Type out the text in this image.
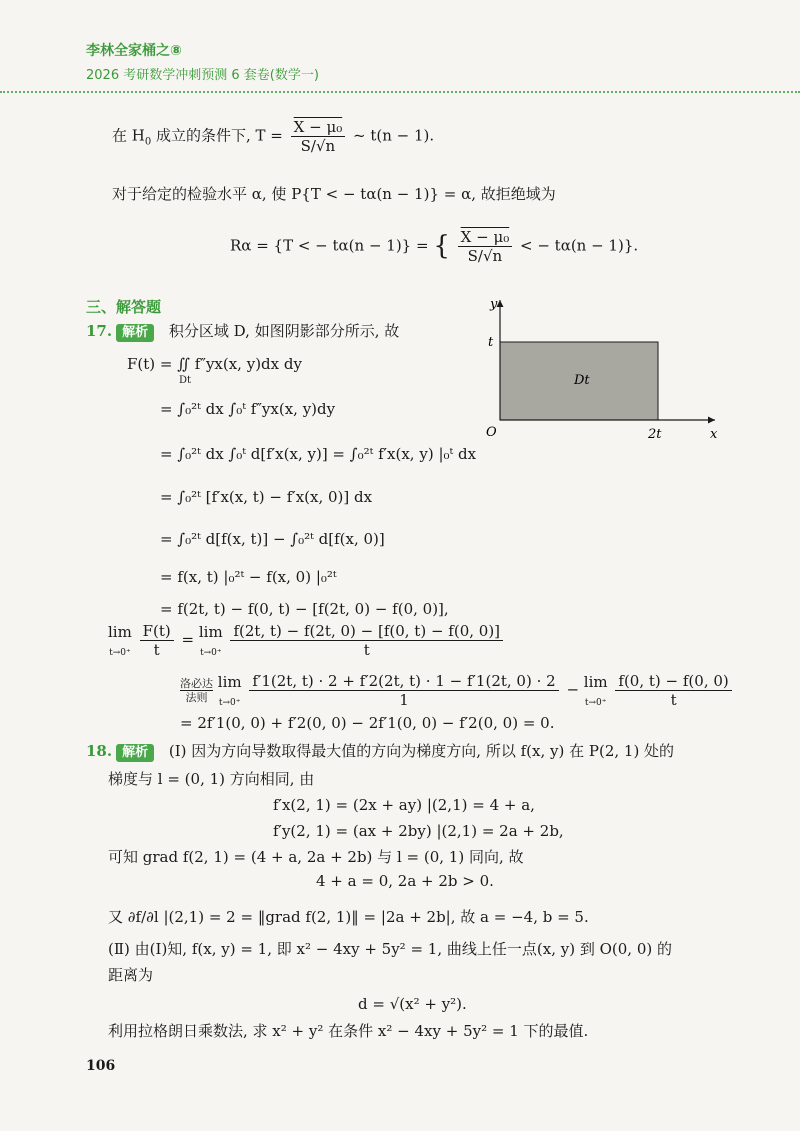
李林全家桶之⑧
2026 考研数学冲刺预测 6 套卷(数学一)
在 $H_0$ 成立的条件下, $T = \frac{\text{X − μ₀}}{S/√n}$ ~ t(n − 1).
对于给定的检验水平 α, 使 P{T < − tα(n − 1)} = α, 故拒绝域为
Rα = {T < − tα(n − 1)} = { $\frac{\text{X − μ₀}}{S/√n}$ < − tα(n − 1)}.
三、解答题
17. 解析 积分区域 D, 如图阴影部分所示, 故
F(t) = ∬ f″yx(x, y)dx dy
Dt
= ∫₀²ᵗ dx ∫₀ᵗ f″yx(x, y)dy
= ∫₀²ᵗ dx ∫₀ᵗ d[f′x(x, y)] = ∫₀²ᵗ f′x(x, y) |₀ᵗ dx
= ∫₀²ᵗ [f′x(x, t) − f′x(x, 0)] dx
= ∫₀²ᵗ d[f(x, t)] − ∫₀²ᵗ d[f(x, 0)]
= f(x, t) |₀²ᵗ − f(x, 0) |₀²ᵗ
= f(2t, t) − f(0, t) − [f(2t, 0) − f(0, 0)],
lim
$t\to 0^+ \frac{F(t)}{t} = \lim$
$t\to 0^+ \frac{f(2t, t) - f(2t, 0) - [f(0, t) - f(0, 0)]}{t}$
洛必达
法则 lim
$t\to 0^+ \frac{f'1(2t, t) \cdot 2 + f'2(2t, t) \cdot 1 - f'1(2t, 0) \cdot 2}{1} - \lim$
$t\to 0^+ \frac{f(0, t) - f(0, 0)}{t}$
= 2f′1(0, 0) + f′2(0, 0) − 2f′1(0, 0) − f′2(0, 0) = 0.
y
x
t
O	2t
Dt
18. 解析 (Ⅰ) 因为方向导数取得最大值的方向为梯度方向, 所以 f(x, y) 在 P(2, 1) 处的
梯度与 l = (0, 1) 方向相同, 由
f′x(2, 1) = (2x + ay) |(2,1) = 4 + a,
f′y(2, 1) = (ax + 2by) |(2,1) = 2a + 2b,
可知 grad f(2, 1) = (4 + a, 2a + 2b) 与 l = (0, 1) 同向, 故
4 + a = 0, 2a + 2b > 0.
又 ∂f/∂l |(2,1) = 2 = ‖grad f(2, 1)‖ = |2a + 2b|, 故 a = −4, b = 5.
(Ⅱ) 由(Ⅰ)知, f(x, y) = 1, 即 x² − 4xy + 5y² = 1, 曲线上任一点(x, y) 到 O(0, 0) 的
距离为
d = √(x² + y²).
利用拉格朗日乘数法, 求 x² + y² 在条件 x² − 4xy + 5y² = 1 下的最值.
106
